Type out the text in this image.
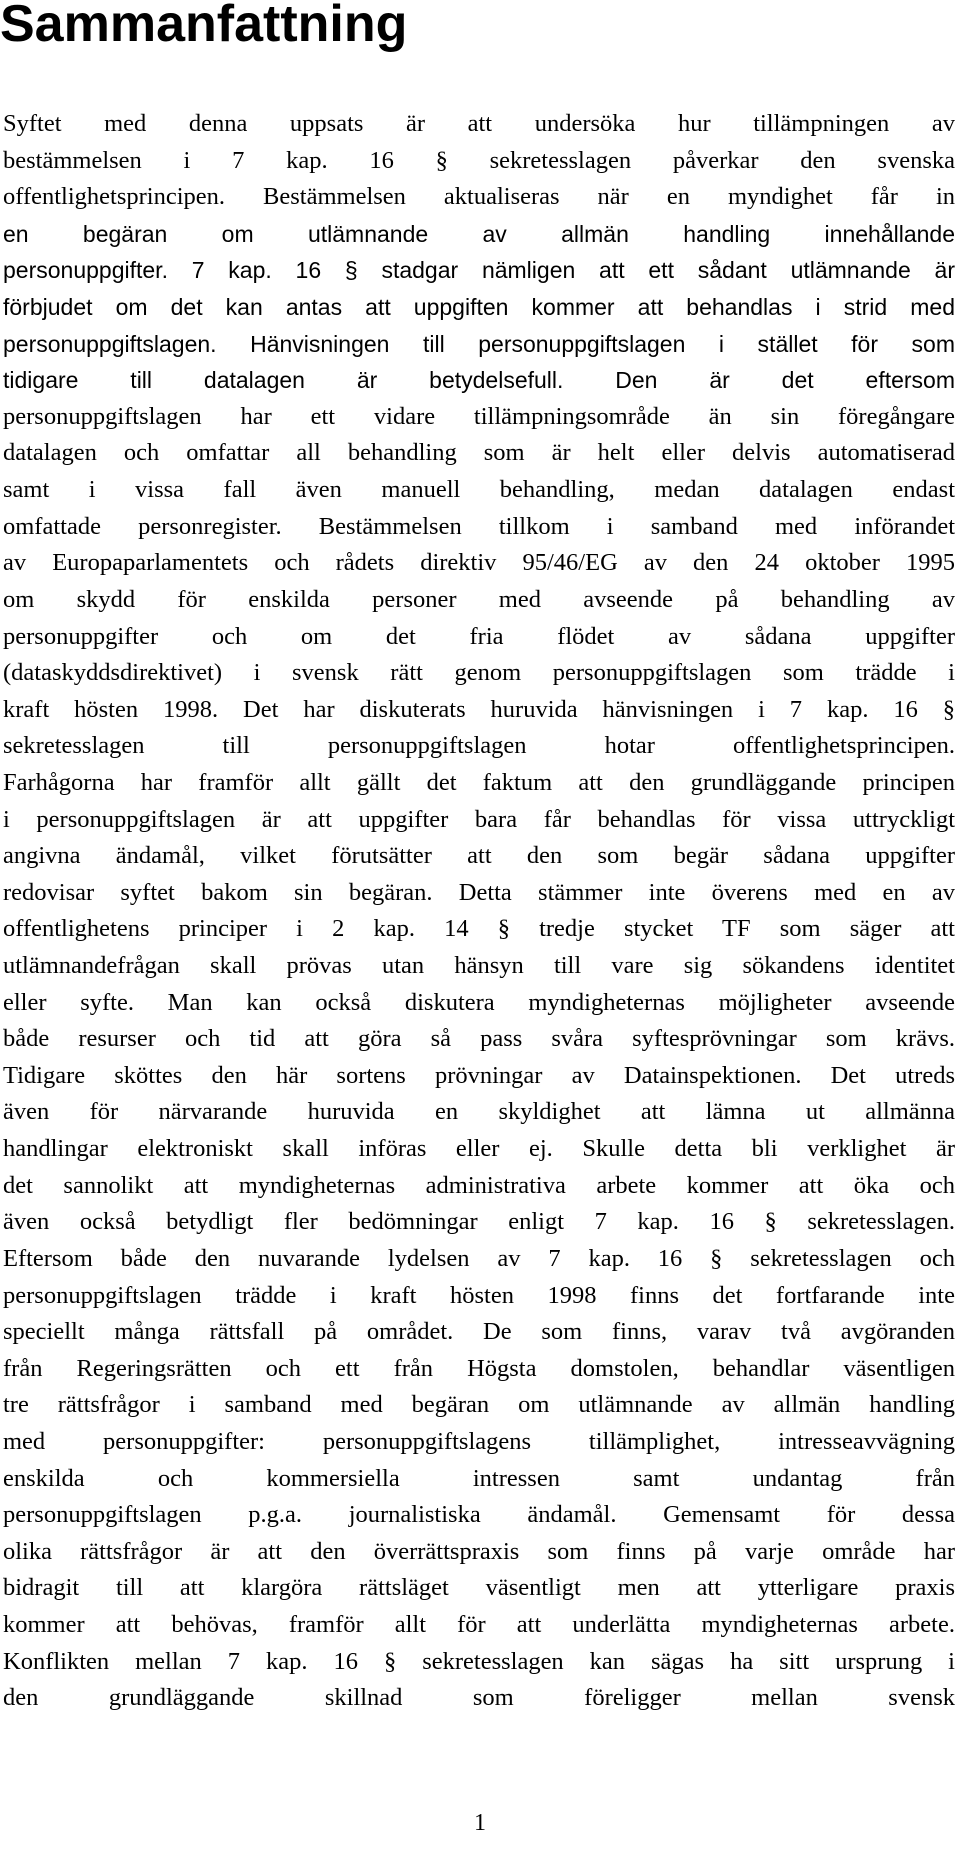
Sammanfattning
Syftet med denna uppsats är att undersöka hur tillämpningen av
bestämmelsen i 7 kap. 16 § sekretesslagen påverkar den svenska
offentlighetsprincipen. Bestämmelsen aktualiseras när en myndighet får in
en begäran om utlämnande av allmän handling innehållande
personuppgifter. 7 kap. 16 § stadgar nämligen att ett sådant utlämnande är
förbjudet om det kan antas att uppgiften kommer att behandlas i strid med
personuppgiftslagen. Hänvisningen till personuppgiftslagen i stället för som
tidigare till datalagen är betydelsefull. Den är det eftersom
personuppgiftslagen har ett vidare tillämpningsområde än sin föregångare
datalagen och omfattar all behandling som är helt eller delvis automatiserad
samt i vissa fall även manuell behandling, medan datalagen endast
omfattade personregister. Bestämmelsen tillkom i samband med införandet
av Europaparlamentets och rådets direktiv 95/46/EG av den 24 oktober 1995
om skydd för enskilda personer med avseende på behandling av
personuppgifter och om det fria flödet av sådana uppgifter
(dataskyddsdirektivet) i svensk rätt genom personuppgiftslagen som trädde i
kraft hösten 1998. Det har diskuterats huruvida hänvisningen i 7 kap. 16 §
sekretesslagen till personuppgiftslagen hotar offentlighetsprincipen.
Farhågorna har framför allt gällt det faktum att den grundläggande principen
i personuppgiftslagen är att uppgifter bara får behandlas för vissa uttryckligt
angivna ändamål, vilket förutsätter att den som begär sådana uppgifter
redovisar syftet bakom sin begäran. Detta stämmer inte överens med en av
offentlighetens principer i 2 kap. 14 § tredje stycket TF som säger att
utlämnandefrågan skall prövas utan hänsyn till vare sig sökandens identitet
eller syfte. Man kan också diskutera myndigheternas möjligheter avseende
både resurser och tid att göra så pass svåra syftesprövningar som krävs.
Tidigare sköttes den här sortens prövningar av Datainspektionen. Det utreds
även för närvarande huruvida en skyldighet att lämna ut allmänna
handlingar elektroniskt skall införas eller ej. Skulle detta bli verklighet är
det sannolikt att myndigheternas administrativa arbete kommer att öka och
även också betydligt fler bedömningar enligt 7 kap. 16 § sekretesslagen.
Eftersom både den nuvarande lydelsen av 7 kap. 16 § sekretesslagen och
personuppgiftslagen trädde i kraft hösten 1998 finns det fortfarande inte
speciellt många rättsfall på området. De som finns, varav två avgöranden
från Regeringsrätten och ett från Högsta domstolen, behandlar väsentligen
tre rättsfrågor i samband med begäran om utlämnande av allmän handling
med personuppgifter: personuppgiftslagens tillämplighet, intresseavvägning
enskilda och kommersiella intressen samt undantag från
personuppgiftslagen p.g.a. journalistiska ändamål. Gemensamt för dessa
olika rättsfrågor är att den överrättspraxis som finns på varje område har
bidragit till att klargöra rättsläget väsentligt men att ytterligare praxis
kommer att behövas, framför allt för att underlätta myndigheternas arbete.
Konflikten mellan 7 kap. 16 § sekretesslagen kan sägas ha sitt ursprung i
den grundläggande skillnad som föreligger mellan svensk
1
